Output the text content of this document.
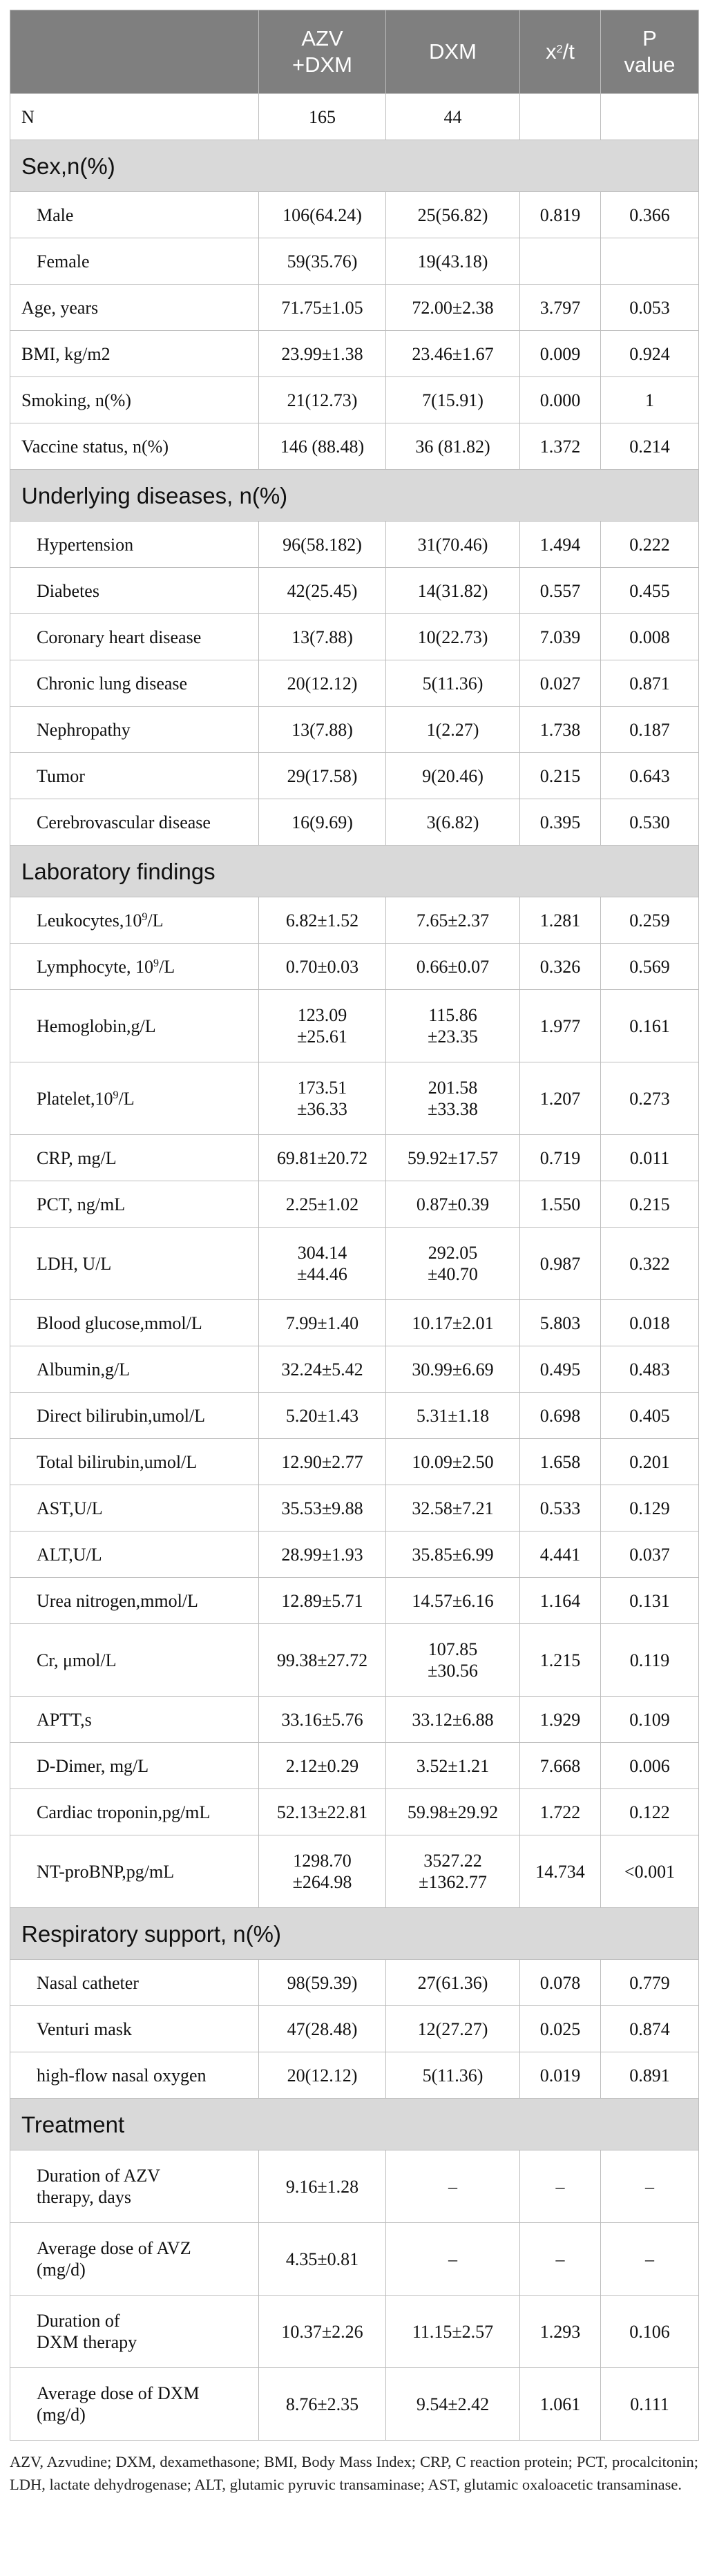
	AZV
+DXM	DXM	$x^2/t$	P
value
N	165	44		
Sex,n(%)				
Male	106(64.24)	25(56.82)	0.819	0.366
Female	59(35.76)	19(43.18)		
Age, years	71.75±1.05	72.00±2.38	3.797	0.053
BMI, kg/m2	23.99±1.38	23.46±1.67	0.009	0.924
Smoking, n(%)	21(12.73)	7(15.91)	0.000	1
Vaccine status, n(%)	146 (88.48)	36 (81.82)	1.372	0.214
Underlying diseases, n(%)				
Hypertension	96(58.182)	31(70.46)	1.494	0.222
Diabetes	42(25.45)	14(31.82)	0.557	0.455
Coronary heart disease	13(7.88)	10(22.73)	7.039	0.008
Chronic lung disease	20(12.12)	5(11.36)	0.027	0.871
Nephropathy	13(7.88)	1(2.27)	1.738	0.187
Tumor	29(17.58)	9(20.46)	0.215	0.643
Cerebrovascular disease	16(9.69)	3(6.82)	0.395	0.530
Laboratory findings				
$Leukocytes,10^9/L$	6.82±1.52	7.65±2.37	1.281	0.259
Lymphocyte, $10^9/L$	0.70±0.03	0.66±0.07	0.326	0.569
Hemoglobin,g/L	123.09
±25.61	115.86
±23.35	1.977	0.161
$Platelet,10^9/L$	173.51
±36.33	201.58
±33.38	1.207	0.273
CRP, mg/L	69.81±20.72	59.92±17.57	0.719	0.011
PCT, ng/mL	2.25±1.02	0.87±0.39	1.550	0.215
LDH, U/L	304.14
±44.46	292.05
±40.70	0.987	0.322
Blood glucose,mmol/L	7.99±1.40	10.17±2.01	5.803	0.018
Albumin,g/L	32.24±5.42	30.99±6.69	0.495	0.483
Direct bilirubin,umol/L	5.20±1.43	5.31±1.18	0.698	0.405
Total bilirubin,umol/L	12.90±2.77	10.09±2.50	1.658	0.201
AST,U/L	35.53±9.88	32.58±7.21	0.533	0.129
ALT,U/L	28.99±1.93	35.85±6.99	4.441	0.037
Urea nitrogen,mmol/L	12.89±5.71	14.57±6.16	1.164	0.131
Cr, μmol/L	99.38±27.72	107.85
±30.56	1.215	0.119
APTT,s	33.16±5.76	33.12±6.88	1.929	0.109
D-Dimer, mg/L	2.12±0.29	3.52±1.21	7.668	0.006
Cardiac troponin,pg/mL	52.13±22.81	59.98±29.92	1.722	0.122
NT-proBNP,pg/mL	1298.70
±264.98	3527.22
±1362.77	14.734	<0.001
Respiratory support, n(%)				
Nasal catheter	98(59.39)	27(61.36)	0.078	0.779
Venturi mask	47(28.48)	12(27.27)	0.025	0.874
high-flow nasal oxygen	20(12.12)	5(11.36)	0.019	0.891
Treatment				
Duration of AZV
therapy, days	9.16±1.28	–	–	–
Average dose of AVZ
(mg/d)	4.35±0.81	–	–	–
Duration of
DXM therapy	10.37±2.26	11.15±2.57	1.293	0.106
Average dose of DXM
(mg/d)	8.76±2.35	9.54±2.42	1.061	0.111
AZV, Azvudine; DXM, dexamethasone; BMI, Body Mass Index; CRP, C reaction protein; PCT, procalcitonin; LDH, lactate dehydrogenase; ALT, glutamic pyruvic transaminase; AST, glutamic oxaloacetic transaminase.
